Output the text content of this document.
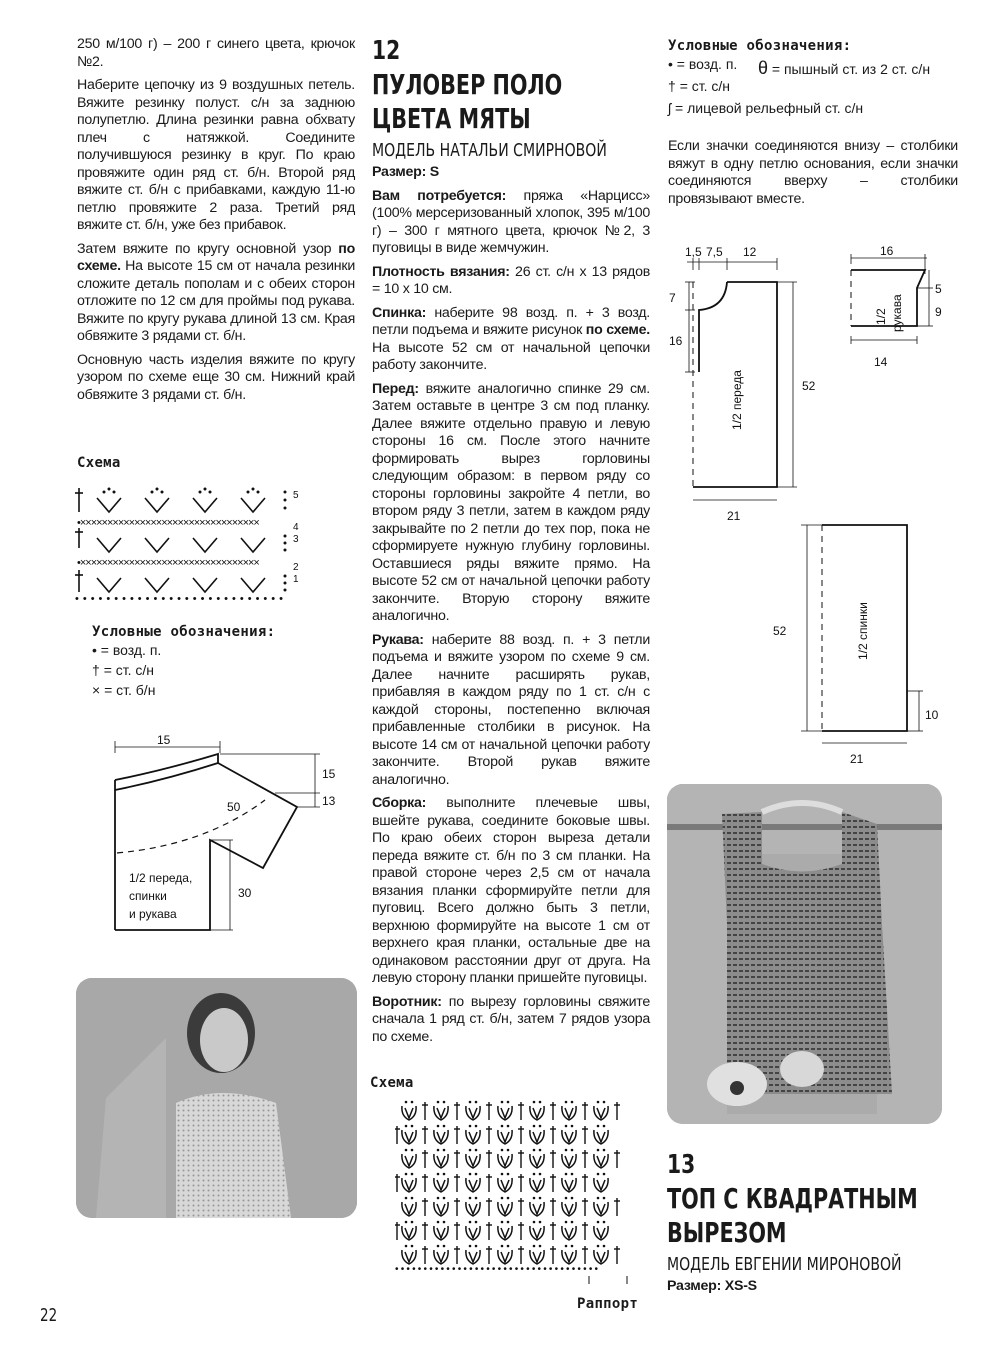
250 м/100 г) – 200 г синего цвета, крючок №2.

Наберите цепочку из 9 воздушных петель. Вяжите резинку полуст. с/н за заднюю полупетлю. Длина резинки равна обхвату плеч с натяжкой. Соедините получившуюся резинку в круг. По краю провяжите один ряд ст. б/н. Второй ряд вяжите ст. б/н с прибавками, каждую 11-ю петлю провяжите 2 раза. Третий ряд вяжите ст. б/н, уже без прибавок.

Затем вяжите по кругу основной узор по схеме. На высоте 15 см от начала резинки сложите деталь пополам и с обеих сторон отложите по 12 см для проймы под рукава. Вяжите по кругу рукава длиной 13 см. Края обвяжите 3 рядами ст. б/н.

Основную часть изделия вяжите по кругу узором по схеме еще 30 см. Нижний край обвяжите 3 рядами ст. б/н.

Схема
•×××××××××××××××××××××××××××××××××
•×××××××××××××××××××××××××××××××××
•••••••••••••••••••••••••••
5
4
3
2
1
Условные обозначения:
• = возд. п.
† = ст. с/н
× = ст. б/н
15
15
13
50
30
1/2 переда,
спинки
и рукава
12
ПУЛОВЕР ПОЛО
ЦВЕТА МЯТЫ
МОДЕЛЬ НАТАЛЬИ СМИРНОВОЙ

Размер: S

Вам потребуется: пряжа «Нарцисс» (100% мерсеризованный хлопок, 395 м/100 г) – 300 г мятного цвета, крючок №2, 3 пуговицы в виде жемчужин.

Плотность вязания: 26 ст. с/н х 13 рядов = 10 х 10 см.

Спинка: наберите 98 возд. п. + 3 возд. петли подъема и вяжите рисунок по схеме. На высоте 52 см от начальной цепочки работу закончите.

Перед: вяжите аналогично спинке 29 см. Затем оставьте в центре 3 см под планку. Далее вяжите отдельно правую и левую стороны 16 см. После этого начните формировать вырез горловины следующим образом: в первом ряду со стороны горловины закройте 4 петли, во втором ряду 3 петли, затем в каждом ряду закрывайте по 2 петли до тех пор, пока не сформируете нужную глубину горловины. Оставшиеся ряды вяжите прямо. На высоте 52 см от начальной цепочки работу закончите. Вторую сторону вяжите аналогично.

Рукава: наберите 88 возд. п. + 3 петли подъема и вяжите узором по схеме 9 см. Далее начните расширять рукав, прибавляя в каждом ряду по 1 ст. с/н с каждой стороны, постепенно включая прибавленные столбики в рисунок. На высоте 14 см от начальной цепочки работу закончите. Второй рукав вяжите аналогично.

Сборка: выполните плечевые швы, вшейте рукава, соедините боковые швы. По краю обеих сторон выреза детали переда вяжите ст. б/н по 3 см планки. На правой стороне через 2,5 см от начала вязания планки сформируйте петли для пуговиц. Всего должно быть 3 петли, верхнюю формируйте на высоте 1 см от верхнего края планки, остальные две на одинаковом расстоянии друг от друга. На левую сторону планки пришейте пуговицы.

Воротник: по вырезу горловины свяжите сначала 1 ряд ст. б/н, затем 7 рядов узора по схеме.

Схема
••••••••••••••••••••••••••••••••••••
Раппорт
Условные обозначения:
• = возд. п. θ = пышный ст. из 2 ст. с/н
† = ст. с/н
ʃ = лицевой рельефный ст. с/н

Если значки соединяются внизу – столбики вяжут в одну петлю основания, если значки соединяются вверху – столбики провязывают вместе.

1,5 7,5 12
7
16
52
21
1/2 переда
16
5
9
14
1/2 рукава
52
10
21
1/2 спинки
13
ТОП С КВАДРАТНЫМ
ВЫРЕЗОМ
МОДЕЛЬ ЕВГЕНИИ МИРОНОВОЙ

Размер: XS-S

22
